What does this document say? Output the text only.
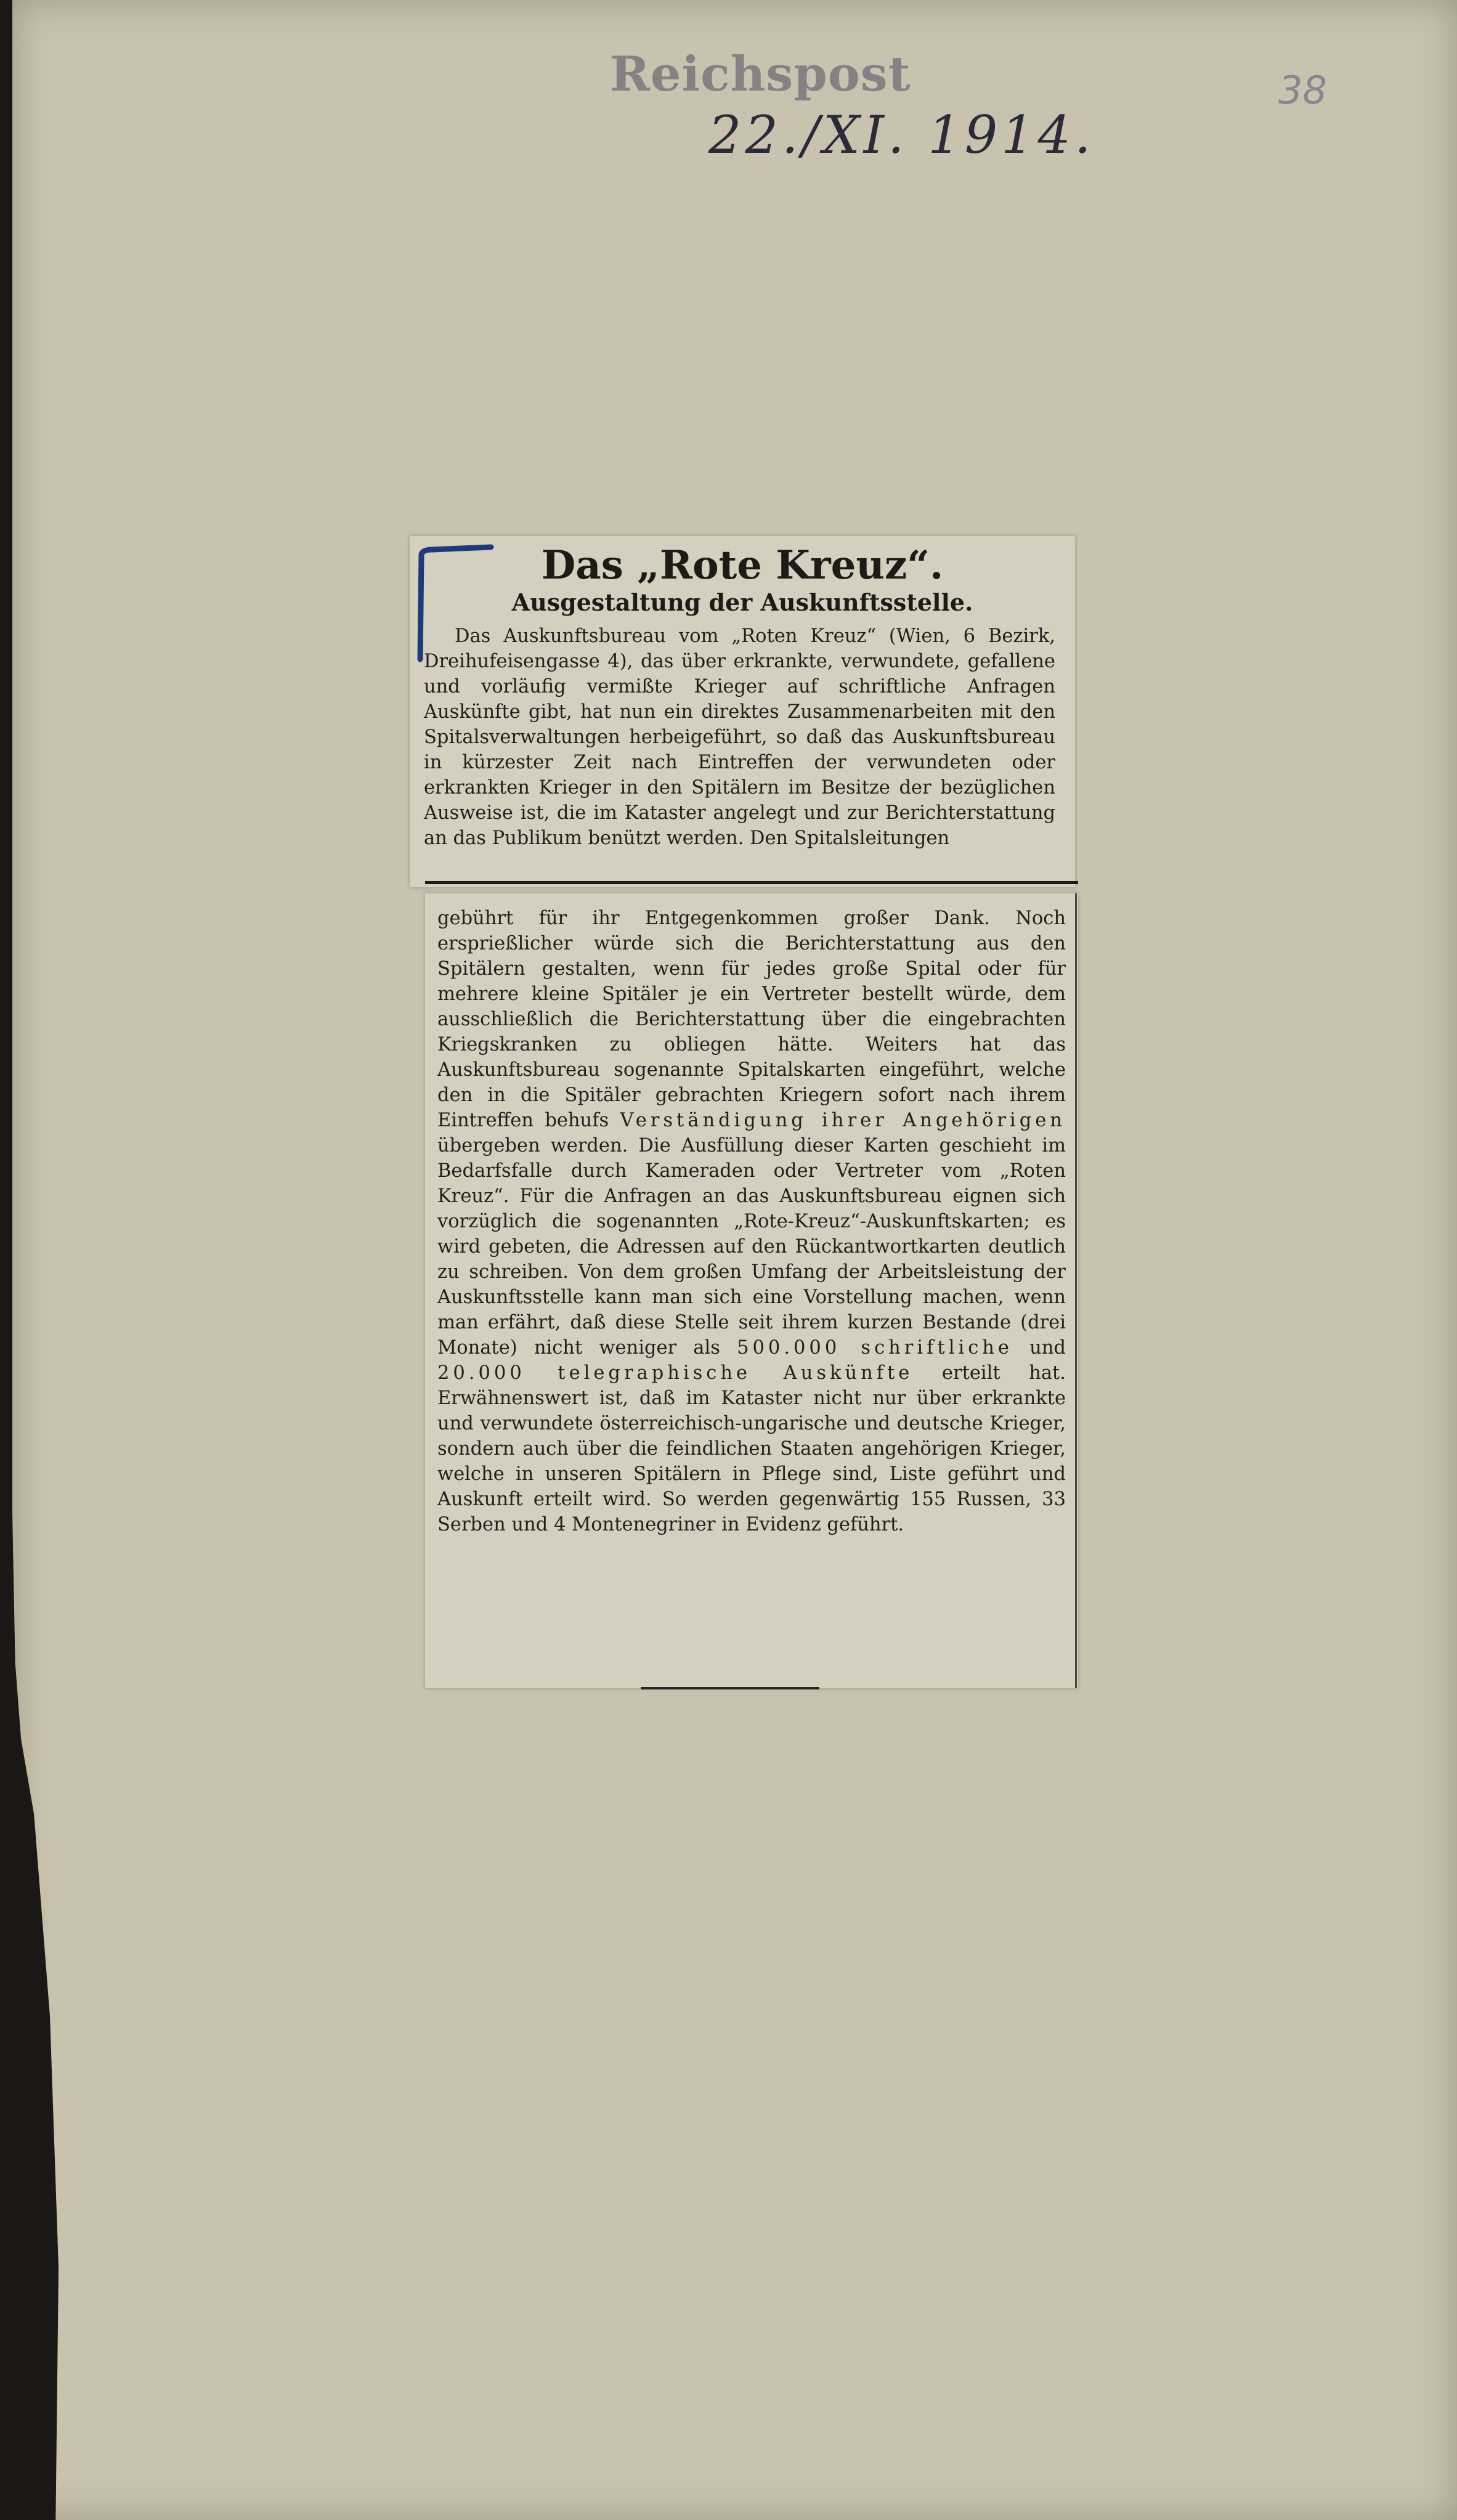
Reichspost
22./XI. 1914.
38
Das „Rote Kreuz“.
Ausgestaltung der Auskunftsstelle.

Das Auskunftsbureau vom „Roten Kreuz“ (Wien, 6 Bezirk, Dreihufeisengasse 4), das über erkrankte, verwundete, gefallene und vorläufig vermißte Krieger auf schriftliche Anfragen Auskünfte gibt, hat nun ein direktes Zusammenarbeiten mit den Spitalsverwaltungen herbeigeführt, so daß das Auskunftsbureau in kürzester Zeit nach Eintreffen der verwundeten oder erkrankten Krieger in den Spitälern im Besitze der bezüglichen Ausweise ist, die im Kataster angelegt und zur Berichterstattung an das Publikum benützt werden. Den Spitalsleitungen

gebührt für ihr Entgegenkommen großer Dank. Noch ersprießlicher würde sich die Berichterstattung aus den Spitälern gestalten, wenn für jedes große Spital oder für mehrere kleine Spitäler je ein Vertreter bestellt würde, dem ausschließlich die Berichterstattung über die eingebrachten Kriegskranken zu obliegen hätte. Weiters hat das Auskunftsbureau sogenannte Spitalskarten eingeführt, welche den in die Spitäler gebrachten Kriegern sofort nach ihrem Eintreffen behufs Verständigung ihrer Angehörigen übergeben werden. Die Ausfüllung dieser Karten geschieht im Bedarfsfalle durch Kameraden oder Vertreter vom „Roten Kreuz“. Für die Anfragen an das Auskunftsbureau eignen sich vorzüglich die sogenannten „Rote-Kreuz“-Auskunftskarten; es wird gebeten, die Adressen auf den Rückantwortkarten deutlich zu schreiben. Von dem großen Umfang der Arbeitsleistung der Auskunftsstelle kann man sich eine Vorstellung machen, wenn man erfährt, daß diese Stelle seit ihrem kurzen Bestande (drei Monate) nicht weniger als 500.000 schriftliche und 20.000 telegraphische Auskünfte erteilt hat. Erwähnenswert ist, daß im Kataster nicht nur über erkrankte und verwundete österreichisch-ungarische und deutsche Krieger, sondern auch über die feindlichen Staaten angehörigen Krieger, welche in unseren Spitälern in Pflege sind, Liste geführt und Auskunft erteilt wird. So werden gegenwärtig 155 Russen, 33 Serben und 4 Montenegriner in Evidenz geführt.
